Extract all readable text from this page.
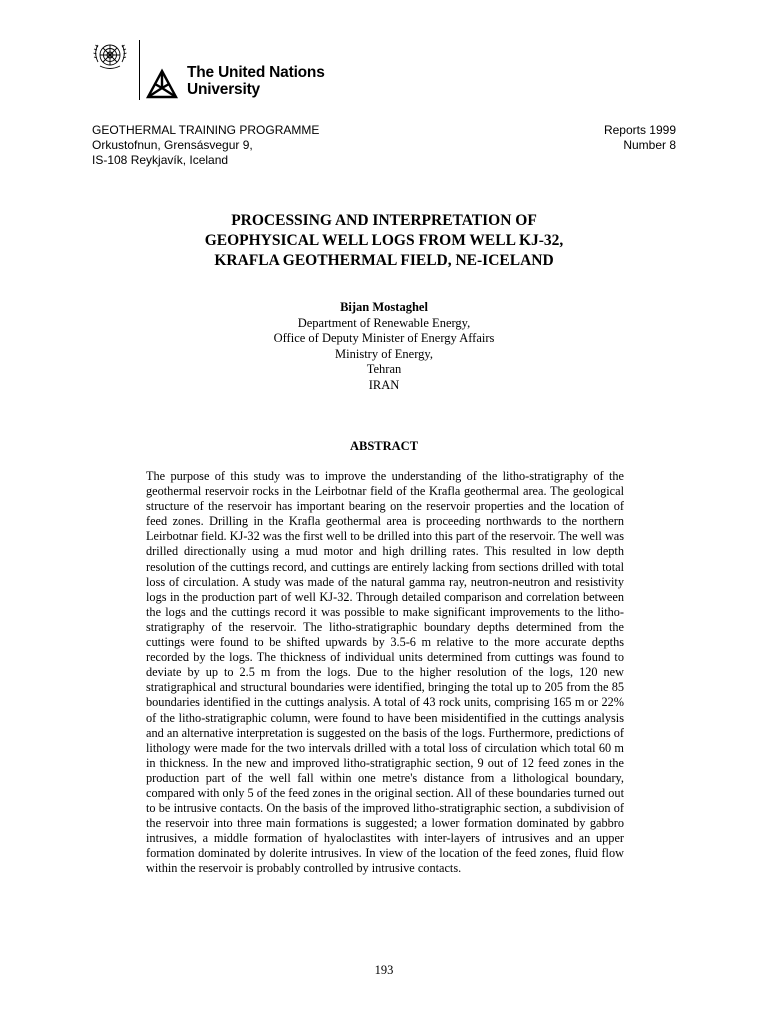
The United Nations
University
GEOTHERMAL TRAINING PROGRAMME
Orkustofnun, Grensásvegur 9,
IS-108 Reykjavík, Iceland
Reports 1999
Number 8
PROCESSING AND INTERPRETATION OF
GEOPHYSICAL WELL LOGS FROM WELL KJ-32,
KRAFLA GEOTHERMAL FIELD, NE-ICELAND
Bijan Mostaghel
Department of Renewable Energy,
Office of Deputy Minister of Energy Affairs
Ministry of Energy,
Tehran
IRAN
ABSTRACT
The purpose of this study was to improve the understanding of the litho-stratigraphy of the geothermal reservoir rocks in the Leirbotnar field of the Krafla geothermal area. The geological structure of the reservoir has important bearing on the reservoir properties and the location of feed zones. Drilling in the Krafla geothermal area is proceeding northwards to the northern Leirbotnar field. KJ-32 was the first well to be drilled into this part of the reservoir. The well was drilled directionally using a mud motor and high drilling rates. This resulted in low depth resolution of the cuttings record, and cuttings are entirely lacking from sections drilled with total loss of circulation. A study was made of the natural gamma ray, neutron-neutron and resistivity logs in the production part of well KJ-32. Through detailed comparison and correlation between the logs and the cuttings record it was possible to make significant improvements to the litho-stratigraphy of the reservoir. The litho-stratigraphic boundary depths determined from the cuttings were found to be shifted upwards by 3.5-6 m relative to the more accurate depths recorded by the logs. The thickness of individual units determined from cuttings was found to deviate by up to 2.5 m from the logs. Due to the higher resolution of the logs, 120 new stratigraphical and structural boundaries were identified, bringing the total up to 205 from the 85 boundaries identified in the cuttings analysis. A total of 43 rock units, comprising 165 m or 22% of the litho-stratigraphic column, were found to have been misidentified in the cuttings analysis and an alternative interpretation is suggested on the basis of the logs. Furthermore, predictions of lithology were made for the two intervals drilled with a total loss of circulation which total 60 m in thickness. In the new and improved litho-stratigraphic section, 9 out of 12 feed zones in the production part of the well fall within one metre's distance from a lithological boundary, compared with only 5 of the feed zones in the original section. All of these boundaries turned out to be intrusive contacts. On the basis of the improved litho-stratigraphic section, a subdivision of the reservoir into three main formations is suggested; a lower formation dominated by gabbro intrusives, a middle formation of hyaloclastites with inter-layers of intrusives and an upper formation dominated by dolerite intrusives. In view of the location of the feed zones, fluid flow within the reservoir is probably controlled by intrusive contacts.
193
